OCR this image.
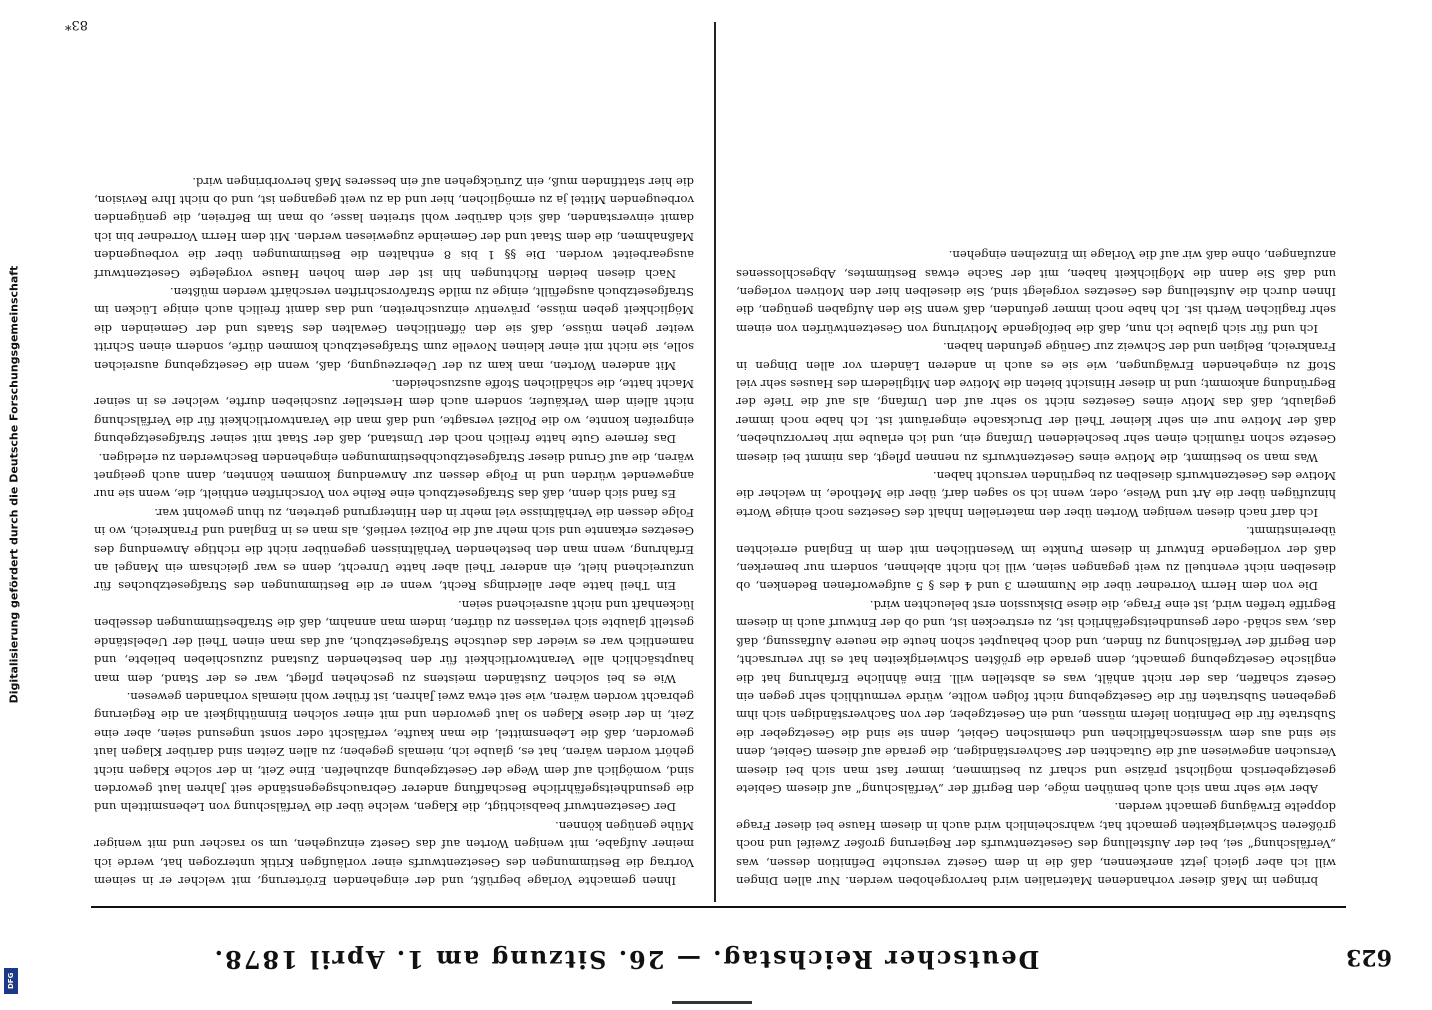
623
Deutscher Reichstag. — 26. Sitzung am 1. April 1878.

bringen im Maß dieser vorhandenen Materialien wird hervorgehoben werden. Nur allen Dingen will ich aber gleich jetzt anerkennen, daß die in dem Gesetz versuchte Definition dessen, was „Verfälschung“ sei, bei der Aufstellung des Gesetzentwurfs der Regierung großer Zweifel und noch größeren Schwierigkeiten gemacht hat; wahrscheinlich wird auch in diesem Hause bei dieser Frage doppelte Erwägung gemacht werden.

Aber wie sehr man sich auch bemühen möge, den Begriff der „Verfälschung“ auf diesem Gebiete gesetzgeberisch möglichst präzise und scharf zu bestimmen, immer fast man sich bei diesem Versuchen angewiesen auf die Gutachten der Sachverständigen, die gerade auf diesem Gebiet, denn sie sind aus dem wissenschaftlichen und chemischen Gebiet, denn sie sind die Gesetzgeber die Substrate für die Definition liefern müssen, und ein Gesetzgeber, der von Sachverständigen sich ihm gegebenen Substraten für die Gesetzgebung nicht folgen wollte, würde vermuthlich sehr gegen ein Gesetz schaffen, das der nicht anhält, was es abstellen will. Eine ähnliche Erfahrung hat die englische Gesetzgebung gemacht, denn gerade die größten Schwierigkeiten hat es ihr verursacht, den Begriff der Verfälschung zu finden, und doch behauptet schon heute die neuere Auffassung, daß das, was schäd- oder gesundheitsgefährlich ist, zu erstrecken ist, und ob der Entwurf auch in diesem Begriffe treffen wird, ist eine Frage, die diese Diskussion erst beleuchten wird.

Die von dem Herrn Vorredner über die Nummern 3 und 4 des § 5 aufgeworfenen Bedenken, ob dieselben nicht eventuell zu weit gegangen seien, will ich nicht ablehnen, sondern nur bemerken, daß der vorliegende Entwurf in diesem Punkte im Wesentlichen mit dem in England erreichten übereinstimmt.

Ich darf nach diesen wenigen Worten über den materiellen Inhalt des Gesetzes noch einige Worte hinzufügen über die Art und Weise, oder, wenn ich so sagen darf, über die Methode, in welcher die Motive des Gesetzentwurfs dieselben zu begründen versucht haben.

Was man so bestimmt, die Motive eines Gesetzentwurfs zu nennen pflegt, das nimmt bei diesem Gesetze schon räumlich einen sehr bescheidenen Umfang ein, und ich erlaube mir hervorzuheben, daß der Motive nur ein sehr kleiner Theil der Drucksache eingeräumt ist. Ich habe noch immer geglaubt, daß das Motiv eines Gesetzes nicht so sehr auf den Umfang, als auf die Tiefe der Begründung ankommt; und in dieser Hinsicht bieten die Motive den Mitgliedern des Hauses sehr viel Stoff zu eingehenden Erwägungen, wie sie es auch in anderen Ländern vor allen Dingen in Frankreich, Belgien und der Schweiz zur Genüge gefunden haben.

Ich und für sich glaube ich nun, daß die beifolgende Motivirung von Gesetzentwürfen von einem sehr fraglichen Werth ist. Ich habe noch immer gefunden, daß wenn Sie den Aufgaben genügen, die Ihnen durch die Aufstellung des Gesetzes vorgelegt sind, Sie dieselben hier den Motiven vorlegen, und daß Sie dann die Möglichkeit haben, mit der Sache etwas Bestimmtes, Abgeschlossenes anzufangen, ohne daß wir auf die Vorlage im Einzelnen eingehen.

Ihnen gemachte Vorlage begrüßt, und der eingehenden Erörterung, mit welcher er in seinem Vortrag die Bestimmungen des Gesetzentwurfs einer vorläufigen Kritik unterzogen hat, werde ich meiner Aufgabe, mit wenigen Worten auf das Gesetz einzugehen, um so rascher und mit weniger Mühe genügen können.

Der Gesetzentwurf beabsichtigt, die Klagen, welche über die Verfälschung von Lebensmitteln und die gesundheitsgefährliche Beschaffung anderer Gebrauchsgegenstände seit Jahren laut geworden sind, womöglich auf dem Wege der Gesetzgebung abzuhelfen. Eine Zeit, in der solche Klagen nicht gehört worden wären, hat es, glaube ich, niemals gegeben; zu allen Zeiten sind darüber Klagen laut geworden, daß die Lebensmittel, die man kaufte, verfälscht oder sonst ungesund seien, aber eine Zeit, in der diese Klagen so laut geworden und mit einer solchen Einmüthigkeit an die Regierung gebracht worden wären, wie seit etwa zwei Jahren, ist früher wohl niemals vorhanden gewesen.

Wie es bei solchen Zuständen meistens zu geschehen pflegt, war es der Stand, dem man hauptsächlich alle Verantwortlichkeit für den bestehenden Zustand zuzuschieben beliebte, und namentlich war es wieder das deutsche Strafgesetzbuch, auf das man einen Theil der Uebelstände gestellt glaubte sich verlassen zu dürfen, indem man annahm, daß die Strafbestimmungen desselben lückenhaft und nicht ausreichend seien.

Ein Theil hatte aber allerdings Recht, wenn er die Bestimmungen des Strafgesetzbuches für unzureichend hielt, ein anderer Theil aber hatte Unrecht, denn es war gleichsam ein Mangel an Erfahrung, wenn man den bestehenden Verhältnissen gegenüber nicht die richtige Anwendung des Gesetzes erkannte und sich mehr auf die Polizei verließ, als man es in England und Frankreich, wo in Folge dessen die Verhältnisse viel mehr in den Hintergrund getreten, zu thun gewohnt war.

Es fand sich denn, daß das Strafgesetzbuch eine Reihe von Vorschriften enthielt, die, wenn sie nur angewendet würden und in Folge dessen zur Anwendung kommen könnten, dann auch geeignet wären, die auf Grund dieser Strafgesetzbuchbestimmungen eingehenden Beschwerden zu erledigen.

Das fernere Gute hatte freilich noch der Umstand, daß der Staat mit seiner Strafgesetzgebung eingreifen konnte, wo die Polizei versagte, und daß man die Verantwortlichkeit für die Verfälschung nicht allein dem Verkäufer, sondern auch dem Hersteller zuschieben durfte, welcher es in seiner Macht hatte, die schädlichen Stoffe auszuscheiden.

Mit anderen Worten, man kam zu der Ueberzeugung, daß, wenn die Gesetzgebung ausreichen solle, sie nicht mit einer kleinen Novelle zum Strafgesetzbuch kommen dürfe, sondern einen Schritt weiter gehen müsse, daß sie den öffentlichen Gewalten des Staats und der Gemeinden die Möglichkeit geben müsse, präventiv einzuschreiten, und das damit freilich auch einige Lücken im Strafgesetzbuch ausgefüllt, einige zu milde Strafvorschriften verschärft werden müßten.

Nach diesen beiden Richtungen hin ist der dem hohen Hause vorgelegte Gesetzentwurf ausgearbeitet worden. Die §§ 1 bis 8 enthalten die Bestimmungen über die vorbeugenden Maßnahmen, die dem Staat und der Gemeinde zugewiesen werden. Mit dem Herrn Vorredner bin ich damit einverstanden, daß sich darüber wohl streiten lasse, ob man im Befreien, die genügenden vorbeugenden Mittel ja zu ermöglichen, hier und da zu weit gegangen ist, und ob nicht Ihre Revision, die hier stattfinden muß, ein Zurückgehen auf ein besseres Maß hervorbringen wird.

83*
Digitalisierung gefördert durch die Deutsche Forschungsgemeinschaft
DFG
